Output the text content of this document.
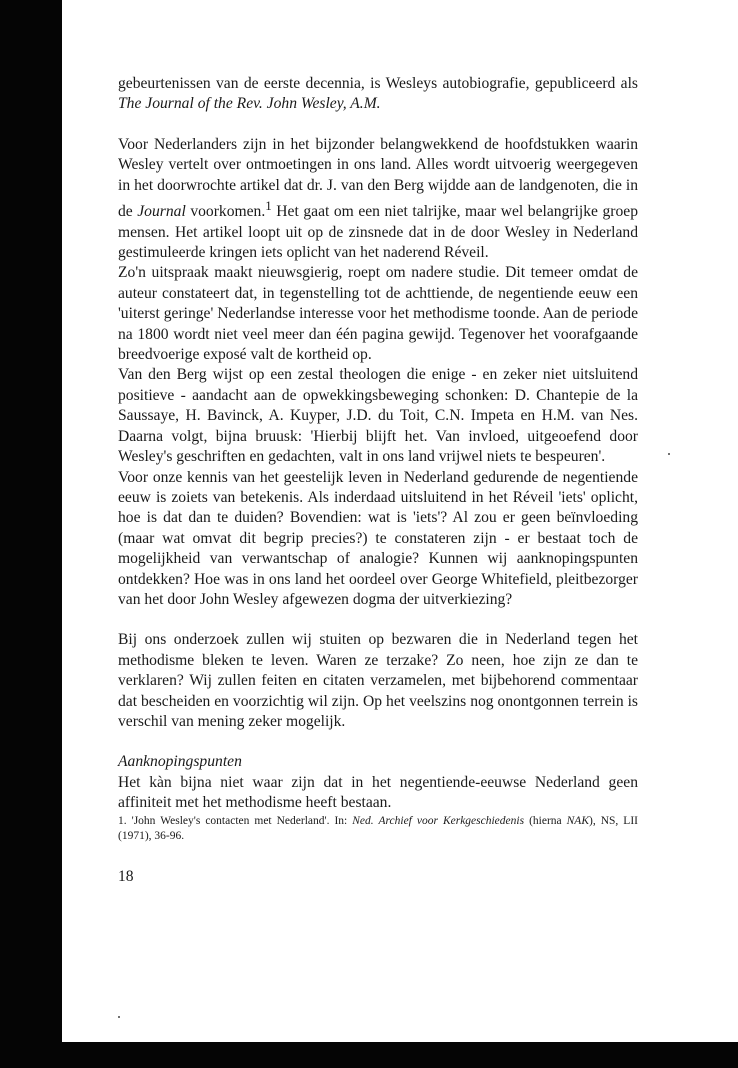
gebeurtenissen van de eerste decennia, is Wesleys autobiografie, gepubliceerd als The Journal of the Rev. John Wesley, A.M.

Voor Nederlanders zijn in het bijzonder belangwekkend de hoofdstukken waarin Wesley vertelt over ontmoetingen in ons land. Alles wordt uitvoerig weergegeven in het doorwrochte artikel dat dr. J. van den Berg wijdde aan de landgenoten, die in de Journal voorkomen.$^1$ Het gaat om een niet talrijke, maar wel belangrijke groep mensen. Het artikel loopt uit op de zinsnede dat in de door Wesley in Nederland gestimuleerde kringen iets oplicht van het naderend Réveil.

Zo'n uitspraak maakt nieuwsgierig, roept om nadere studie. Dit temeer omdat de auteur constateert dat, in tegenstelling tot de achttiende, de negentiende eeuw een 'uiterst geringe' Nederlandse interesse voor het methodisme toonde. Aan de periode na 1800 wordt niet veel meer dan één pagina gewijd. Tegenover het voorafgaande breedvoerige exposé valt de kortheid op.

Van den Berg wijst op een zestal theologen die enige - en zeker niet uitsluitend positieve - aandacht aan de opwekkingsbeweging schonken: D. Chantepie de la Saussaye, H. Bavinck, A. Kuyper, J.D. du Toit, C.N. Impeta en H.M. van Nes. Daarna volgt, bijna bruusk: 'Hierbij blijft het. Van invloed, uitgeoefend door Wesley's geschriften en gedachten, valt in ons land vrijwel niets te bespeuren'.

Voor onze kennis van het geestelijk leven in Nederland gedurende de negentiende eeuw is zoiets van betekenis. Als inderdaad uitsluitend in het Réveil 'iets' oplicht, hoe is dat dan te duiden? Bovendien: wat is 'iets'? Al zou er geen beïnvloeding (maar wat omvat dit begrip precies?) te constateren zijn - er bestaat toch de mogelijkheid van verwantschap of analogie? Kunnen wij aanknopingspunten ontdekken? Hoe was in ons land het oordeel over George Whitefield, pleitbezorger van het door John Wesley afgewezen dogma der uitverkiezing?

Bij ons onderzoek zullen wij stuiten op bezwaren die in Nederland tegen het methodisme bleken te leven. Waren ze terzake? Zo neen, hoe zijn ze dan te verklaren? Wij zullen feiten en citaten verzamelen, met bijbehorend commentaar dat bescheiden en voorzichtig wil zijn. Op het veelszins nog onontgonnen terrein is verschil van mening zeker mogelijk.

Aanknopingspunten

Het kàn bijna niet waar zijn dat in het negentiende-eeuwse Nederland geen affiniteit met het methodisme heeft bestaan.

1. 'John Wesley's contacten met Nederland'. In: Ned. Archief voor Kerkgeschiedenis (hierna NAK), NS, LII (1971), 36-96.

18
